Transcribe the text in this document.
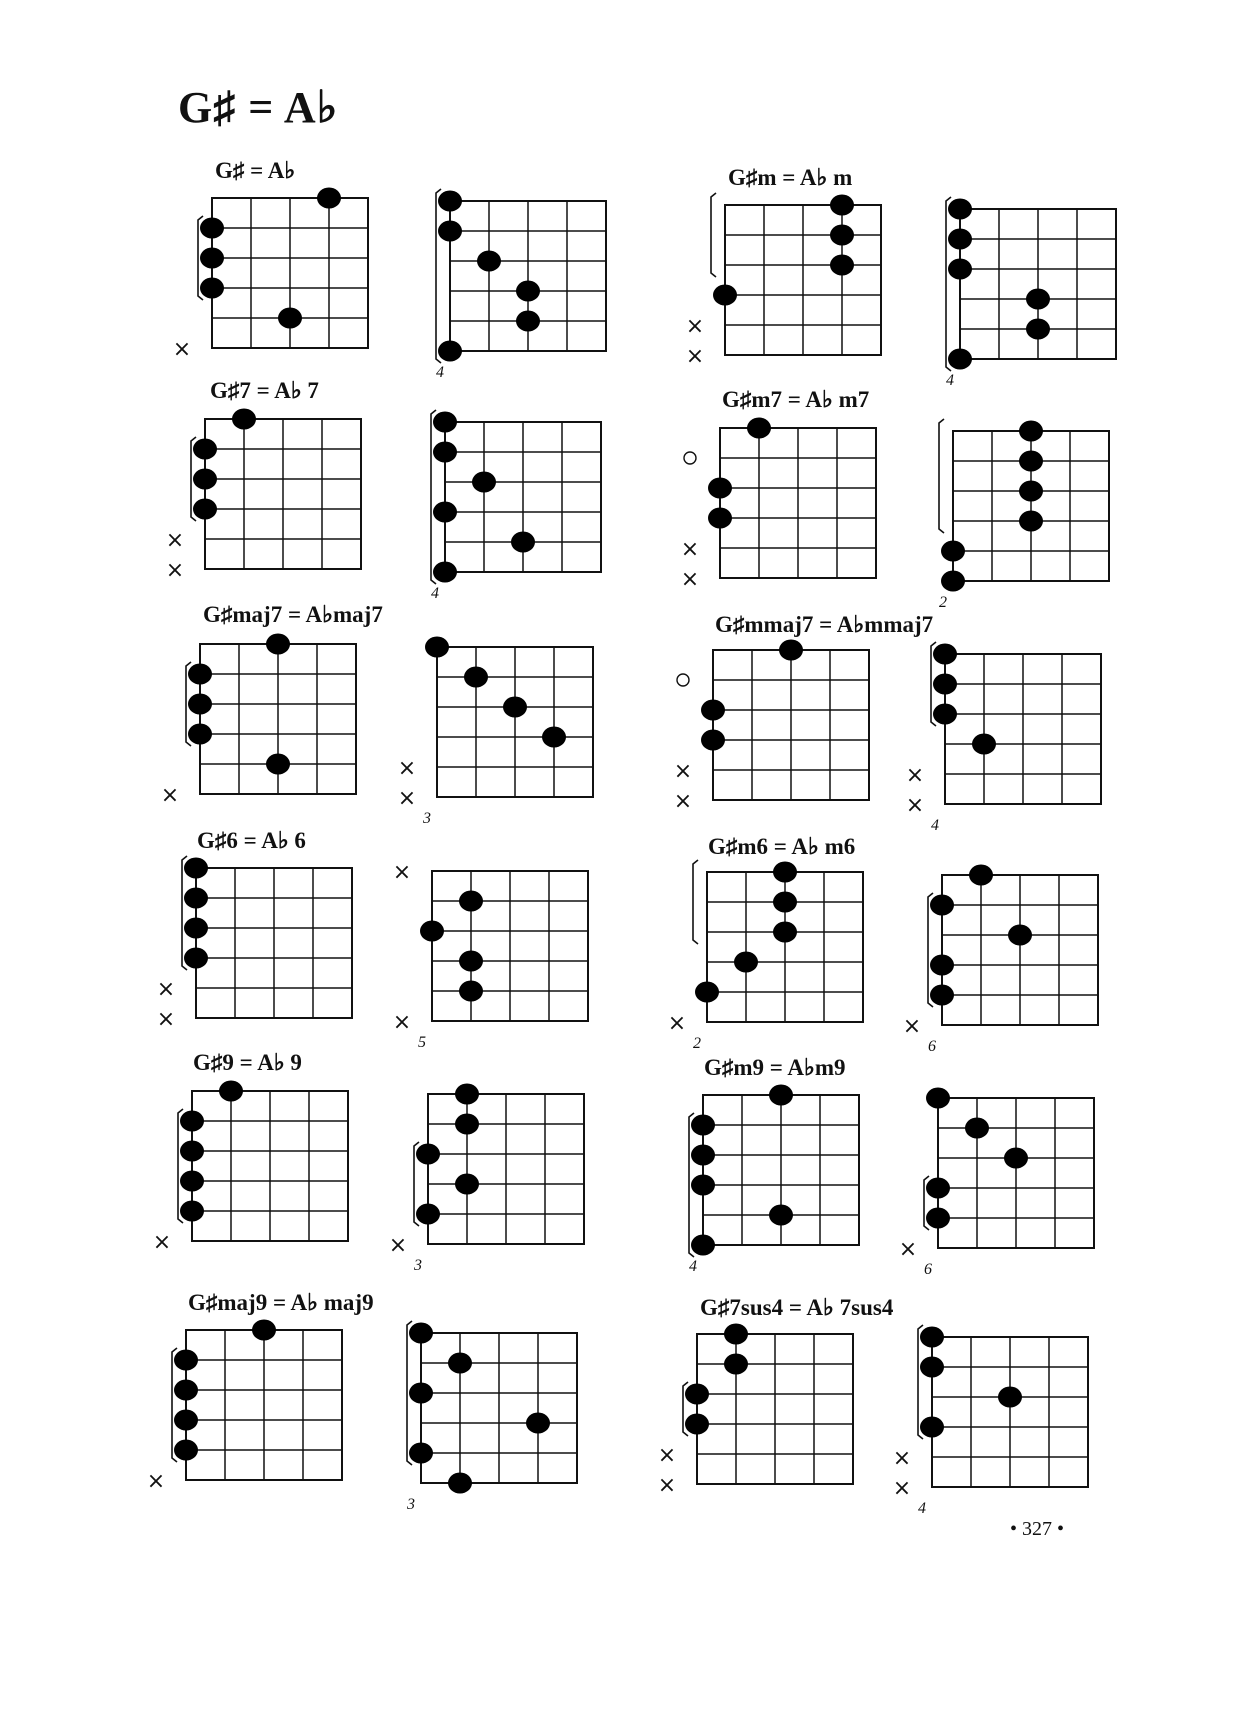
G♯ = A♭
G♯ = A♭	G♯m = A♭ m
G♯7 = A♭ 7	G♯m7 = A♭ m7
G♯maj7 = A♭maj7	G♯mmaj7 = A♭mmaj7
G♯6 = A♭ 6	G♯m6 = A♭ m6
G♯9 = A♭ 9	G♯m9 = A♭m9
G♯maj9 = A♭ maj9	G♯7sus4 = A♭ 7sus4
×
4
×
×
4
×
×
4
×
×
2
×
×
×
3
×
×
×
×
4
×
×
×
×
5
×
2
×
6
×	×
3	4
×
6
×
3
×
×
×
×
4
• 327 •
